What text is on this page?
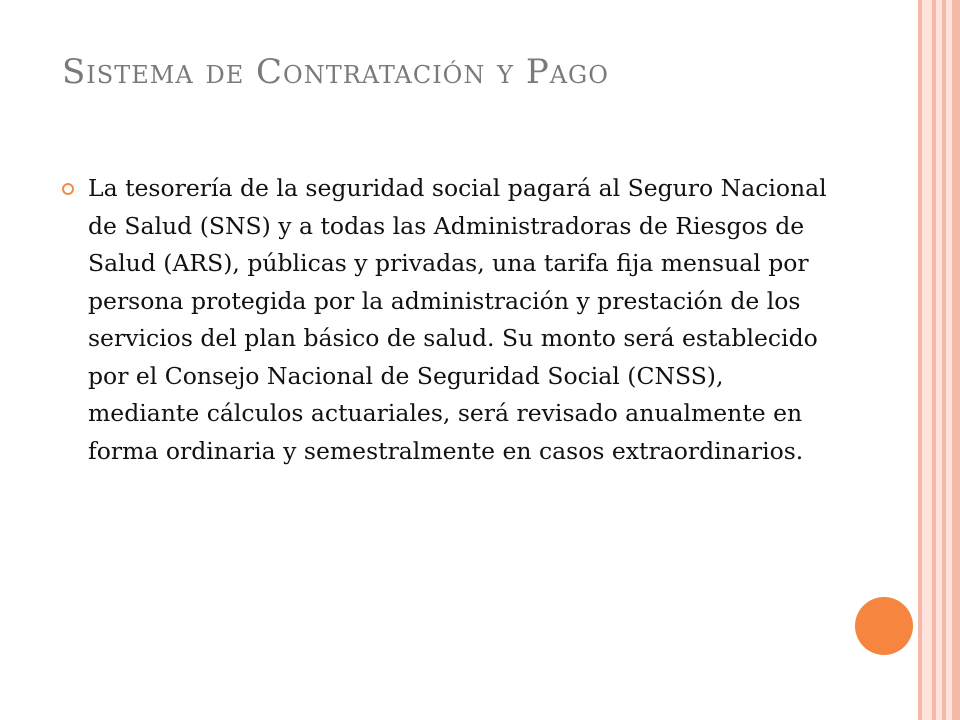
Sistema de Contratación y Pago

La tesorería de la seguridad social pagará al Seguro Nacional de Salud (SNS) y a todas las Administradoras de Riesgos de Salud (ARS), públicas y privadas, una tarifa fija mensual por persona protegida por la administración y prestación de los servicios del plan básico de salud. Su monto será establecido por el Consejo Nacional de Seguridad Social (CNSS), mediante cálculos actuariales, será revisado anualmente en forma ordinaria y semestralmente en casos extraordinarios.
